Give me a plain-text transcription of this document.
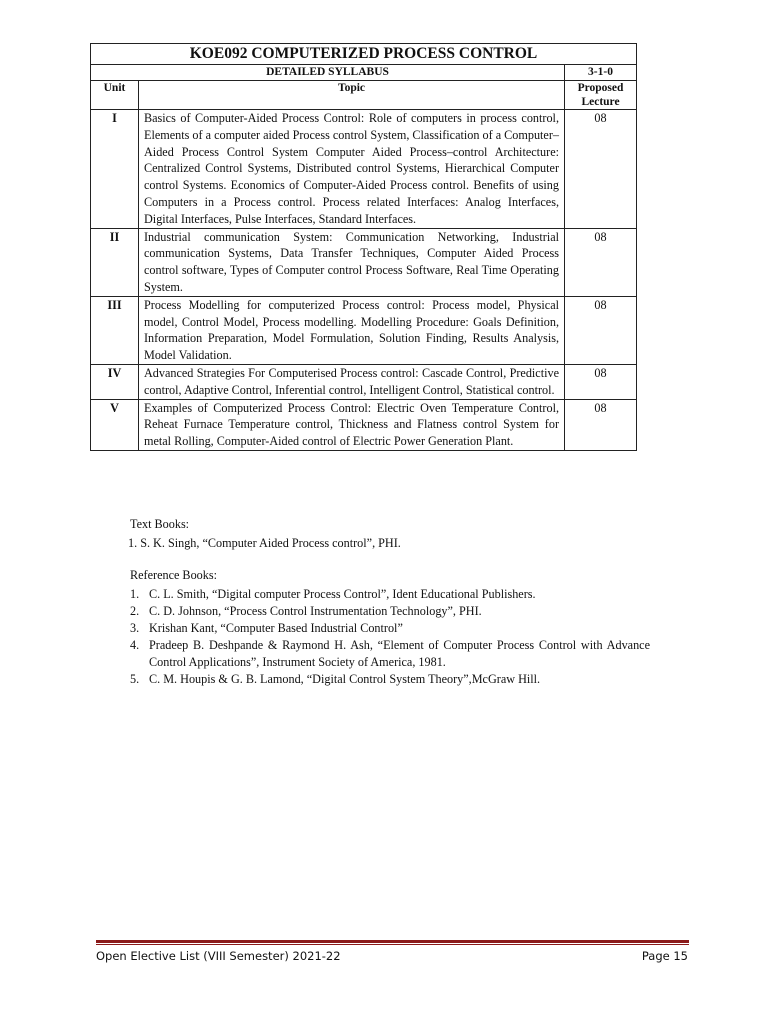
KOE092 COMPUTERIZED PROCESS CONTROL		
DETAILED SYLLABUS		3-1-0
Unit	Topic	Proposed Lecture
I	Basics of Computer-Aided Process Control: Role of computers in process control, Elements of a computer aided Process control System, Classification of a Computer–Aided Process Control System Computer Aided Process–control Architecture: Centralized Control Systems, Distributed control Systems, Hierarchical Computer control Systems. Economics of Computer-Aided Process control. Benefits of using Computers in a Process control. Process related Interfaces: Analog Interfaces, Digital Interfaces, Pulse Interfaces, Standard Interfaces.	08
II	Industrial communication System: Communication Networking, Industrial communication Systems, Data Transfer Techniques, Computer Aided Process control software, Types of Computer control Process Software, Real Time Operating System.	08
III	Process Modelling for computerized Process control: Process model, Physical model, Control Model, Process modelling. Modelling Procedure: Goals Definition, Information Preparation, Model Formulation, Solution Finding, Results Analysis, Model Validation.	08
IV	Advanced Strategies For Computerised Process control: Cascade Control, Predictive control, Adaptive Control, Inferential control, Intelligent Control, Statistical control.	08
V	Examples of Computerized Process Control: Electric Oven Temperature Control, Reheat Furnace Temperature control, Thickness and Flatness control System for metal Rolling, Computer-Aided control of Electric Power Generation Plant.	08

Text Books:

1. S. K. Singh, “Computer Aided Process control”, PHI.

Reference Books:

1. C. L. Smith, “Digital computer Process Control”, Ident Educational Publishers.
2. C. D. Johnson, “Process Control Instrumentation Technology”, PHI.
3. Krishan Kant, “Computer Based Industrial Control”
4. Pradeep B. Deshpande & Raymond H. Ash, “Element of Computer Process Control with Advance Control Applications”, Instrument Society of America, 1981.
5. C. M. Houpis & G. B. Lamond, “Digital Control System Theory”,McGraw Hill.
Open Elective List (VIII Semester) 2021-22	Page 15
